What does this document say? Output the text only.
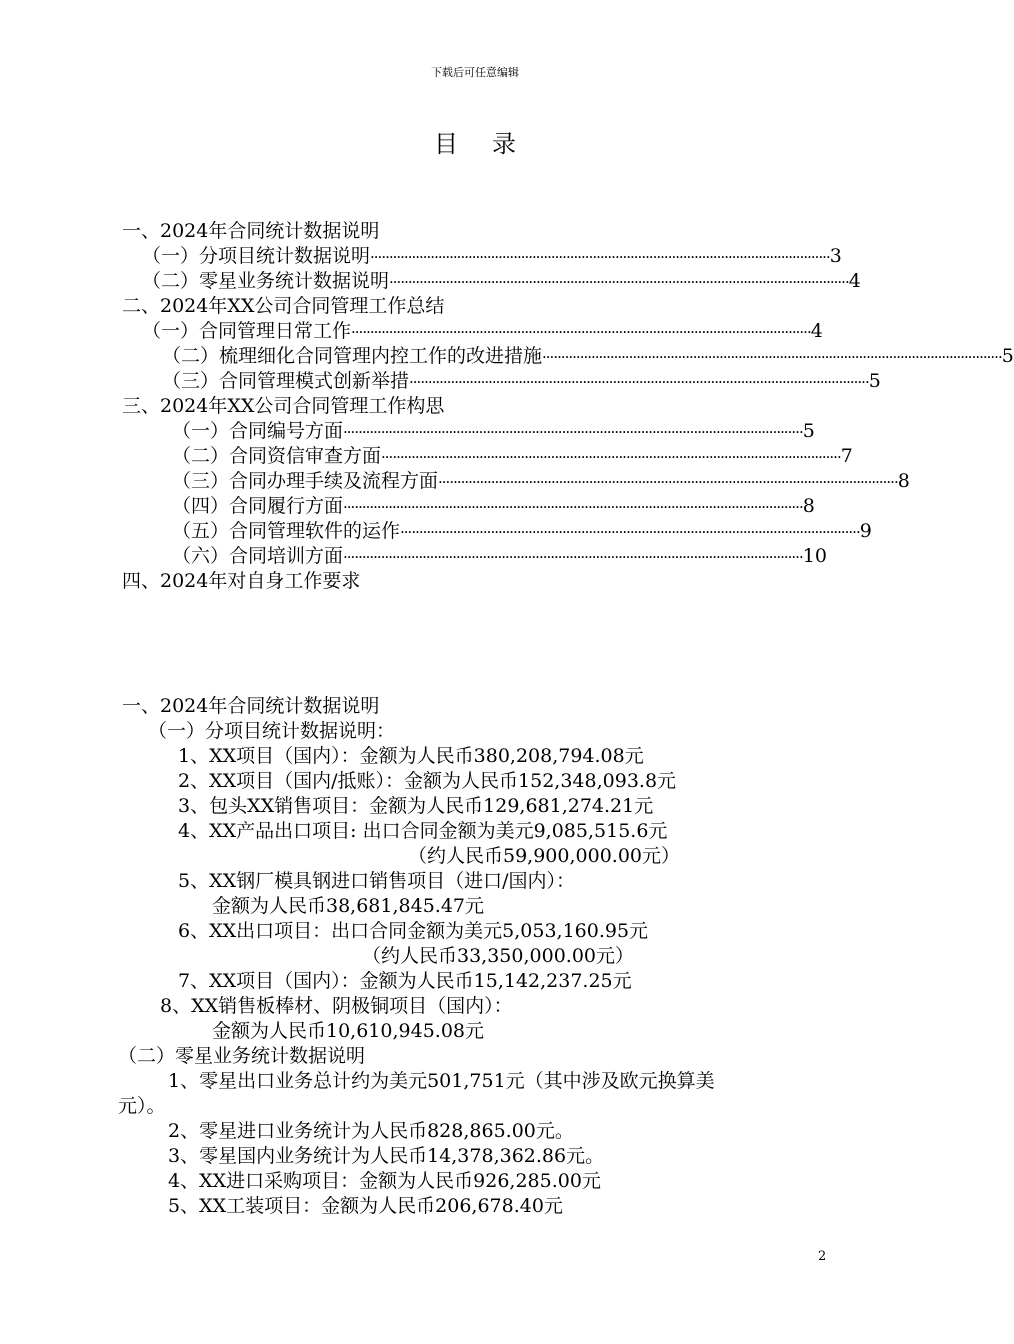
下载后可任意编辑
目 录
一、2024年合同统计数据说明
（一）分项目统计数据说明 ·························································································································· 3
（二）零星业务统计数据说明 ·························································································································· 4
二、2024年XX公司合同管理工作总结
（一）合同管理日常工作 ·························································································································· 4
（二）梳理细化合同管理内控工作的改进措施 ·························································································································· 5
（三）合同管理模式创新举措 ·························································································································· 5
三、2024年XX公司合同管理工作构思
（一）合同编号方面 ·························································································································· 5
（二）合同资信审查方面 ·························································································································· 7
（三）合同办理手续及流程方面 ·························································································································· 8
（四）合同履行方面 ·························································································································· 8
（五）合同管理软件的运作 ·························································································································· 9
（六）合同培训方面 ·························································································································· 10
四、2024年对自身工作要求
一、2024年合同统计数据说明
（一）分项目统计数据说明：
1、XX项目（国内）：金额为人民币380,208,794.08元
2、XX项目（国内/抵账）：金额为人民币152,348,093.8元
3、包头XX销售项目：金额为人民币129,681,274.21元
4、XX产品出口项目: 出口合同金额为美元9,085,515.6元
（约人民币59,900,000.00元）
5、XX钢厂模具钢进口销售项目（进口/国内）：
金额为人民币38,681,845.47元
6、XX出口项目：出口合同金额为美元5,053,160.95元
（约人民币33,350,000.00元）
7、XX项目（国内）：金额为人民币15,142,237.25元
8、XX销售板棒材、阴极铜项目（国内）：
金额为人民币10,610,945.08元
（二）零星业务统计数据说明
1、零星出口业务总计约为美元501,751元（其中涉及欧元换算美
元）。
2、零星进口业务统计为人民币828,865.00元。
3、零星国内业务统计为人民币14,378,362.86元。
4、XX进口采购项目：金额为人民币926,285.00元
5、XX工装项目：金额为人民币206,678.40元
2
